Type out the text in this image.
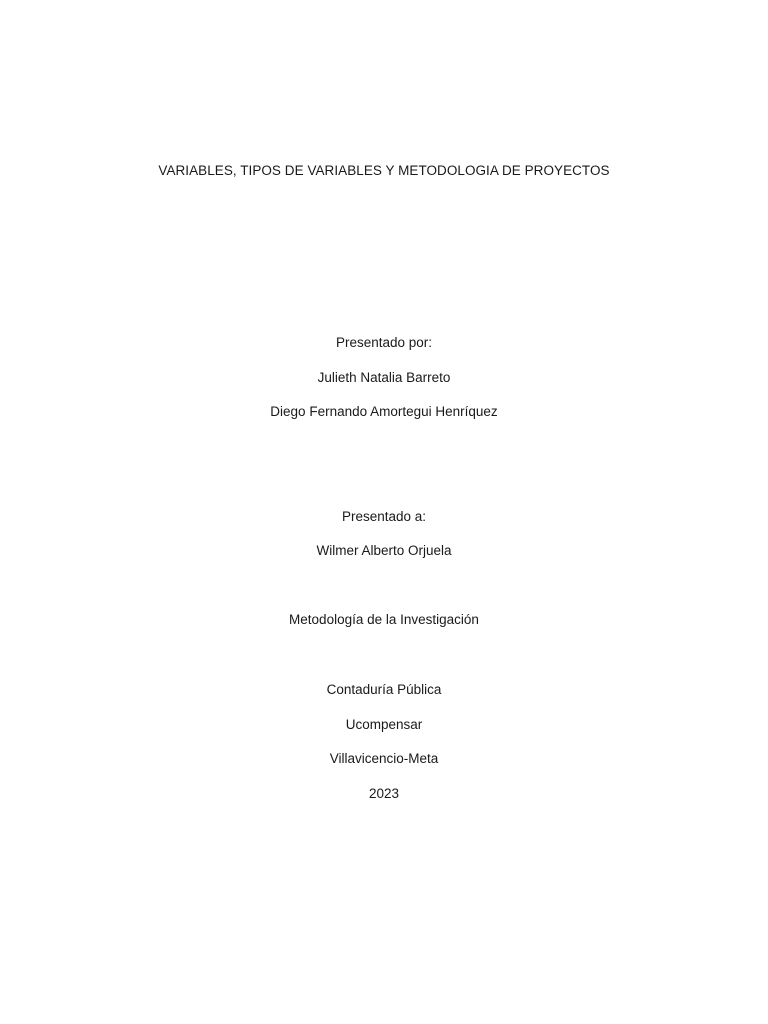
VARIABLES, TIPOS DE VARIABLES Y METODOLOGIA DE PROYECTOS
Presentado por:
Julieth Natalia Barreto
Diego Fernando Amortegui Henríquez
Presentado a:
Wilmer Alberto Orjuela
Metodología de la Investigación
Contaduría Pública
Ucompensar
Villavicencio-Meta
2023
